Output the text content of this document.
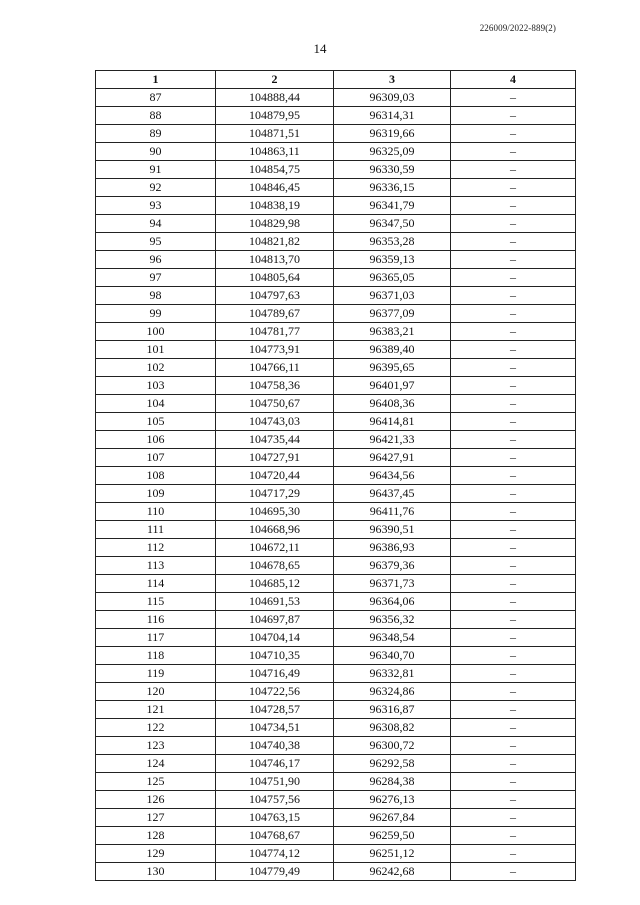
226009/2022-889(2)
14
1	2	3	4
87	104888,44	96309,03	–
88	104879,95	96314,31	–
89	104871,51	96319,66	–
90	104863,11	96325,09	–
91	104854,75	96330,59	–
92	104846,45	96336,15	–
93	104838,19	96341,79	–
94	104829,98	96347,50	–
95	104821,82	96353,28	–
96	104813,70	96359,13	–
97	104805,64	96365,05	–
98	104797,63	96371,03	–
99	104789,67	96377,09	–
100	104781,77	96383,21	–
101	104773,91	96389,40	–
102	104766,11	96395,65	–
103	104758,36	96401,97	–
104	104750,67	96408,36	–
105	104743,03	96414,81	–
106	104735,44	96421,33	–
107	104727,91	96427,91	–
108	104720,44	96434,56	–
109	104717,29	96437,45	–
110	104695,30	96411,76	–
111	104668,96	96390,51	–
112	104672,11	96386,93	–
113	104678,65	96379,36	–
114	104685,12	96371,73	–
115	104691,53	96364,06	–
116	104697,87	96356,32	–
117	104704,14	96348,54	–
118	104710,35	96340,70	–
119	104716,49	96332,81	–
120	104722,56	96324,86	–
121	104728,57	96316,87	–
122	104734,51	96308,82	–
123	104740,38	96300,72	–
124	104746,17	96292,58	–
125	104751,90	96284,38	–
126	104757,56	96276,13	–
127	104763,15	96267,84	–
128	104768,67	96259,50	–
129	104774,12	96251,12	–
130	104779,49	96242,68	–
